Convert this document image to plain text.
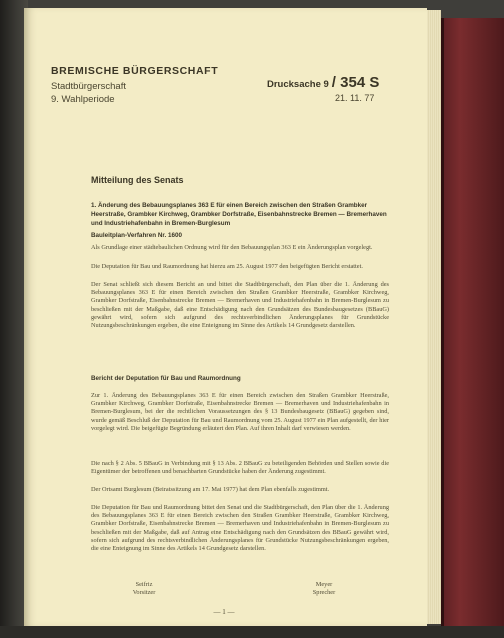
BREMISCHE BÜRGERSCHAFT
Stadtbürgerschaft
9. Wahlperiode
Drucksache 9 / 354 S
21. 11. 77
Mitteilung des Senats
1. Änderung des Bebauungsplanes 363 E für einen Bereich zwischen den Straßen Grambker Heerstraße, Grambker Kirchweg, Grambker Dorfstraße, Eisenbahnstrecke Bremen — Bremerhaven und Industriehafenbahn in Bremen-Burglesum
Bauleitplan-Verfahren Nr. 1600
Als Grundlage einer städtebaulichen Ordnung wird für den Bebauungsplan 363 E ein Änderungsplan vorgelegt.
Die Deputation für Bau und Raumordnung hat hierzu am 25. August 1977 den beigefügten Bericht erstattet.
Der Senat schließt sich diesem Bericht an und bittet die Stadtbürgerschaft, den Plan über die 1. Änderung des Bebauungsplanes 363 E für einen Bereich zwischen den Straßen Grambker Heerstraße, Grambker Kirchweg, Grambker Dorfstraße, Eisenbahnstrecke Bremen — Bremerhaven und Industriehafenbahn in Bremen-Burglesum zu beschließen mit der Maßgabe, daß eine Entschädigung nach den Grundsätzen des Bundesbaugesetzes (BBauG) gewährt wird, sofern sich aufgrund des rechtsverbindlichen Änderungsplanes für Grundstücke Nutzungsbeschränkungen ergeben, die eine Enteignung im Sinne des Artikels 14 Grundgesetz darstellen.
Bericht der Deputation für Bau und Raumordnung
Zur 1. Änderung des Bebauungsplanes 363 E für einen Bereich zwischen den Straßen Grambker Heerstraße, Grambker Kirchweg, Grambker Dorfstraße, Eisenbahnstrecke Bremen — Bremerhaven und Industriehafenbahn in Bremen-Burglesum, bei der die rechtlichen Voraussetzungen des § 13 Bundesbaugesetz (BBauG) gegeben sind, wurde gemäß Beschluß der Deputation für Bau und Raumordnung vom 25. August 1977 ein Plan aufgestellt, der hier vorgelegt wird. Die beigefügte Begründung erläutert den Plan. Auf ihren Inhalt darf verwiesen werden.
Die nach § 2 Abs. 5 BBauG in Verbindung mit § 13 Abs. 2 BBauG zu beteiligenden Behörden und Stellen sowie die Eigentümer der betroffenen und benachbarten Grundstücke haben der Änderung zugestimmt.
Der Ortsamt Burglesum (Beiratssitzung am 17. Mai 1977) hat dem Plan ebenfalls zugestimmt.
Die Deputation für Bau und Raumordnung bittet den Senat und die Stadtbürgerschaft, den Plan über die 1. Änderung des Bebauungsplanes 363 E für einen Bereich zwischen den Straßen Grambker Heerstraße, Grambker Kirchweg, Grambker Dorfstraße, Eisenbahnstrecke Bremen — Bremerhaven und Industriehafenbahn in Bremen-Burglesum zu beschließen mit der Maßgabe, daß auf Antrag eine Entschädigung nach den Grundsätzen des BBauG gewährt wird, sofern sich aufgrund des rechtsverbindlichen Änderungsplanes für Grundstücke Nutzungsbeschränkungen ergeben, die eine Enteignung im Sinne des Artikels 14 Grundgesetz darstellen.
Seifriz
Vorsitzer
Meyer
Sprecher
— 1 —
